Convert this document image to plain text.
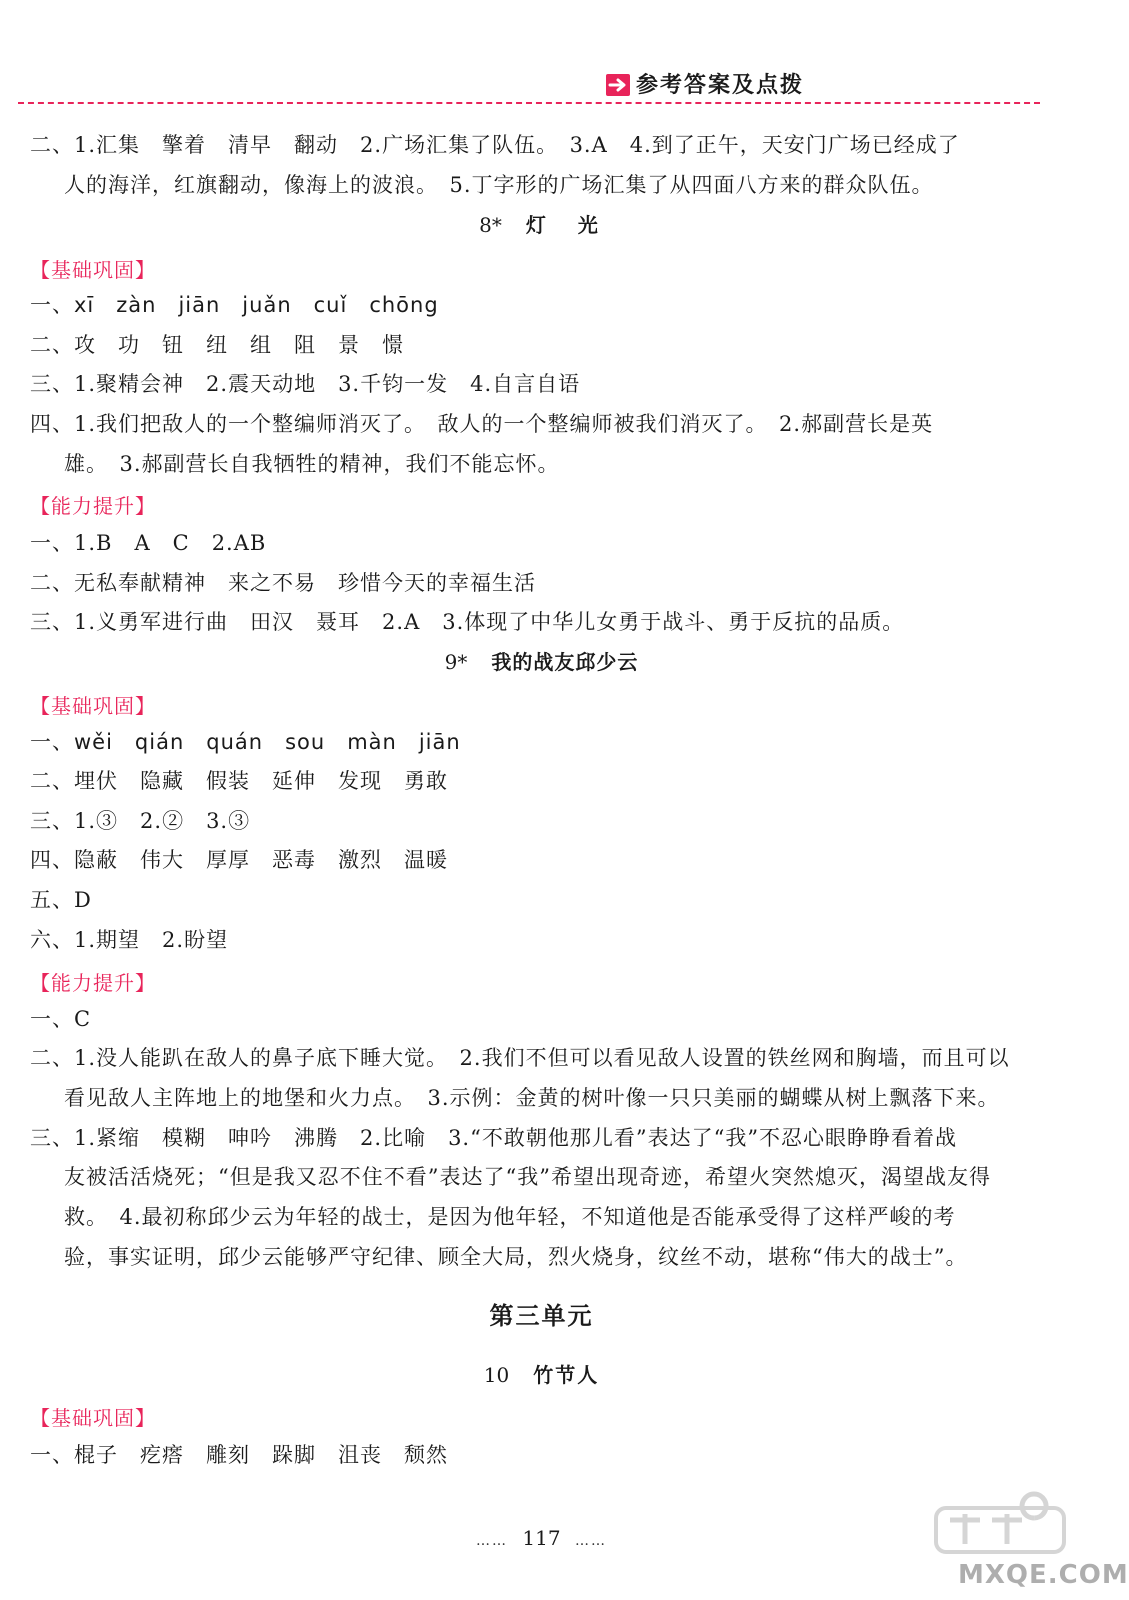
参考答案及点拨
二、1.汇集　擎着　清早　翻动　2.广场汇集了队伍。　3.A　4.到了正午，天安门广场已经成了
人的海洋，红旗翻动，像海上的波浪。　5.丁字形的广场汇集了从四面八方来的群众队伍。
8* 灯　光
【基础巩固】
一、xī　zàn　jiān　juǎn　cuǐ　chōng
二、攻　功　钮　纽　组　阻　景　憬
三、1.聚精会神　2.震天动地　3.千钧一发　4.自言自语
四、1.我们把敌人的一个整编师消灭了。　敌人的一个整编师被我们消灭了。　2.郝副营长是英
雄。　3.郝副营长自我牺牲的精神，我们不能忘怀。
【能力提升】
一、1.B　A　C　2.AB
二、无私奉献精神　来之不易　珍惜今天的幸福生活
三、1.义勇军进行曲　田汉　聂耳　2.A　3.体现了中华儿女勇于战斗、勇于反抗的品质。
9* 我的战友邱少云
【基础巩固】
一、wěi　qián　quán　sou　màn　jiān
二、埋伏　隐藏　假装　延伸　发现　勇敢
三、1.③　2.②　3.③
四、隐蔽　伟大　厚厚　恶毒　激烈　温暖
五、D
六、1.期望　2.盼望
【能力提升】
一、C
二、1.没人能趴在敌人的鼻子底下睡大觉。　2.我们不但可以看见敌人设置的铁丝网和胸墙，而且可以
看见敌人主阵地上的地堡和火力点。　3.示例：金黄的树叶像一只只美丽的蝴蝶从树上飘落下来。
三、1.紧缩　模糊　呻吟　沸腾　2.比喻　3.“不敢朝他那儿看”表达了“我”不忍心眼睁睁看着战
友被活活烧死；“但是我又忍不住不看”表达了“我”希望出现奇迹，希望火突然熄灭，渴望战友得
救。　4.最初称邱少云为年轻的战士，是因为他年轻，不知道他是否能承受得了这样严峻的考
验，事实证明，邱少云能够严守纪律、顾全大局，烈火烧身，纹丝不动，堪称“伟大的战士”。
第三单元
10 竹节人
【基础巩固】
一、棍子　疙瘩　雕刻　跺脚　沮丧　颓然
…… 117 ……
MXQE.COM
